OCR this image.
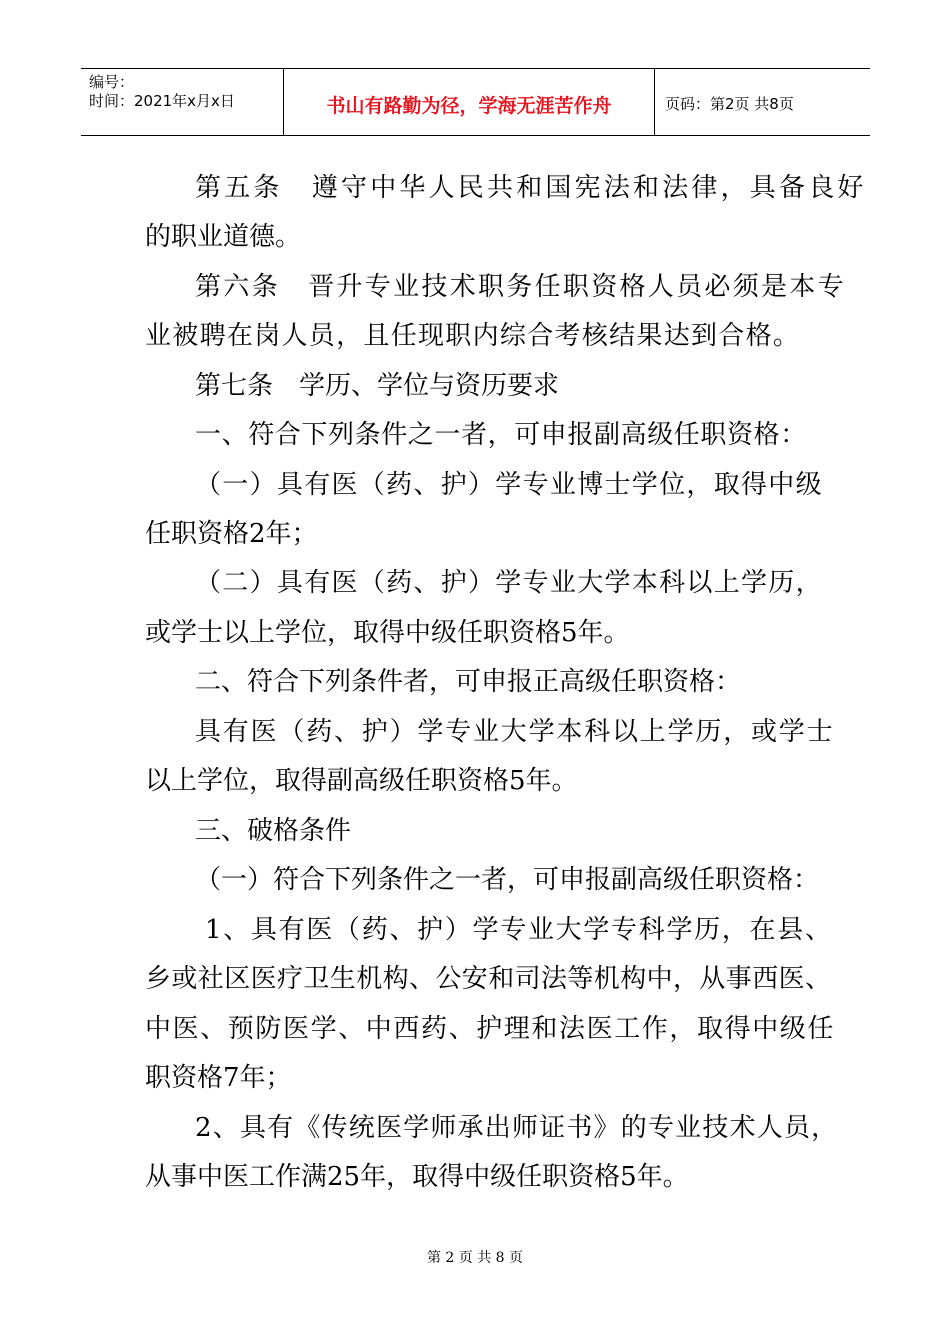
编号：
时间：2021年x月x日	书山有路勤为径，学海无涯苦作舟	页码：第2页 共8页
第五条　遵守中华人民共和国宪法和法律，具备良好
的职业道德。
第六条　晋升专业技术职务任职资格人员必须是本专
业被聘在岗人员，且任现职内综合考核结果达到合格。
第七条　学历、学位与资历要求
一、符合下列条件之一者，可申报副高级任职资格：
（一）具有医（药、护）学专业博士学位，取得中级
任职资格2年；
（二）具有医（药、护）学专业大学本科以上学历，
或学士以上学位，取得中级任职资格5年。
二、符合下列条件者，可申报正高级任职资格：
具有医（药、护）学专业大学本科以上学历，或学士
以上学位，取得副高级任职资格5年。
三、破格条件
（一）符合下列条件之一者，可申报副高级任职资格：
1、具有医（药、护）学专业大学专科学历，在县、
乡或社区医疗卫生机构、公安和司法等机构中，从事西医、
中医、预防医学、中西药、护理和法医工作，取得中级任
职资格7年；
2、具有《传统医学师承出师证书》的专业技术人员，
从事中医工作满25年，取得中级任职资格5年。
第 2 页 共 8 页
